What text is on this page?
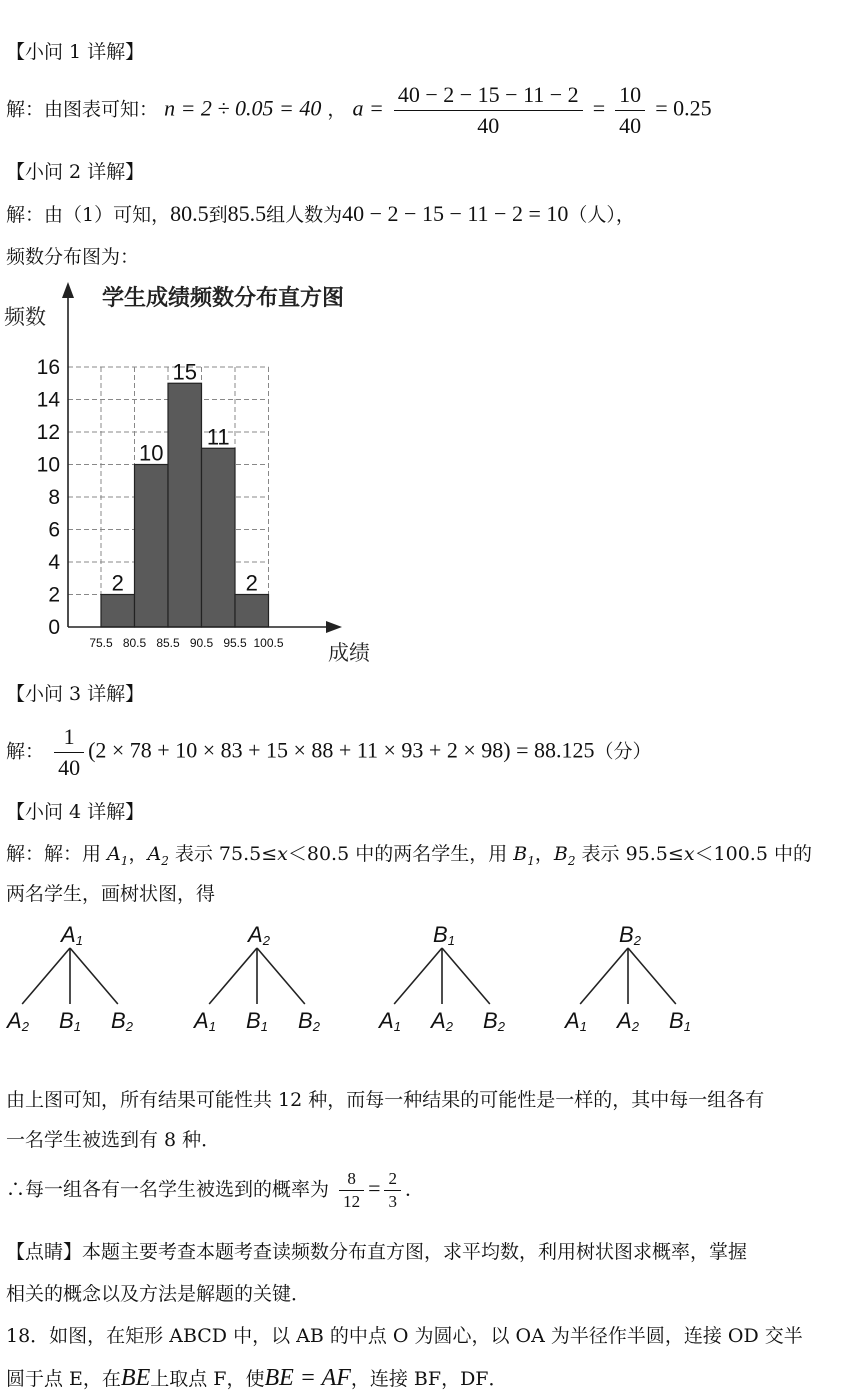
【小问 1 详解】
解：由图表可知： n = 2 ÷ 0.05 = 40 ， $a = \frac{40 - 2 - 15 - 11 - 2}{40} = \frac{10}{40} = 0.25$
【小问 2 详解】
解：由（1）可知，80.5到85.5组人数为40 − 2 − 15 − 11 − 2 = 10（人），
频数分布图为：
0
2
4
6
8
10
12
14
16
2
10
15
11
2
75.5 80.5 85.5 90.5 95.5 100.5
学生成绩频数分布直方图
频数
成绩
【小问 3 详解】
解： $\frac{1}{40} (2 \times 78 + 10 \times 83 + 15 \times 88 + 11 \times 93 + 2 \times 98) = 88.125$（分）
【小问 4 详解】
解：解：用 $A_1$，$A_2$ 表示 75.5≤x＜80.5 中的两名学生，用 $B_1$，$B_2$ 表示 95.5≤x＜100.5 中的
两名学生，画树状图，得
A1
A2 B1 B2
A2
A1 B1 B2
B1
A1 A2 B2
B2
A1 A2 B1
由上图可知，所有结果可能性共 12 种，而每一种结果的可能性是一样的，其中每一组各有
一名学生被选到有 8 种．
∴每一组各有一名学生被选到的概率为 $\frac{8}{12} = \frac{2}{3}$ ．
【点睛】本题主要考查本题考查读频数分布直方图，求平均数，利用树状图求概率，掌握
相关的概念以及方法是解题的关键．
18．如图，在矩形 ABCD 中，以 AB 的中点 O 为圆心，以 OA 为半径作半圆，连接 OD 交半
圆于点 E，在BE上取点 F，使BE = AF，连接 BF，DF．
